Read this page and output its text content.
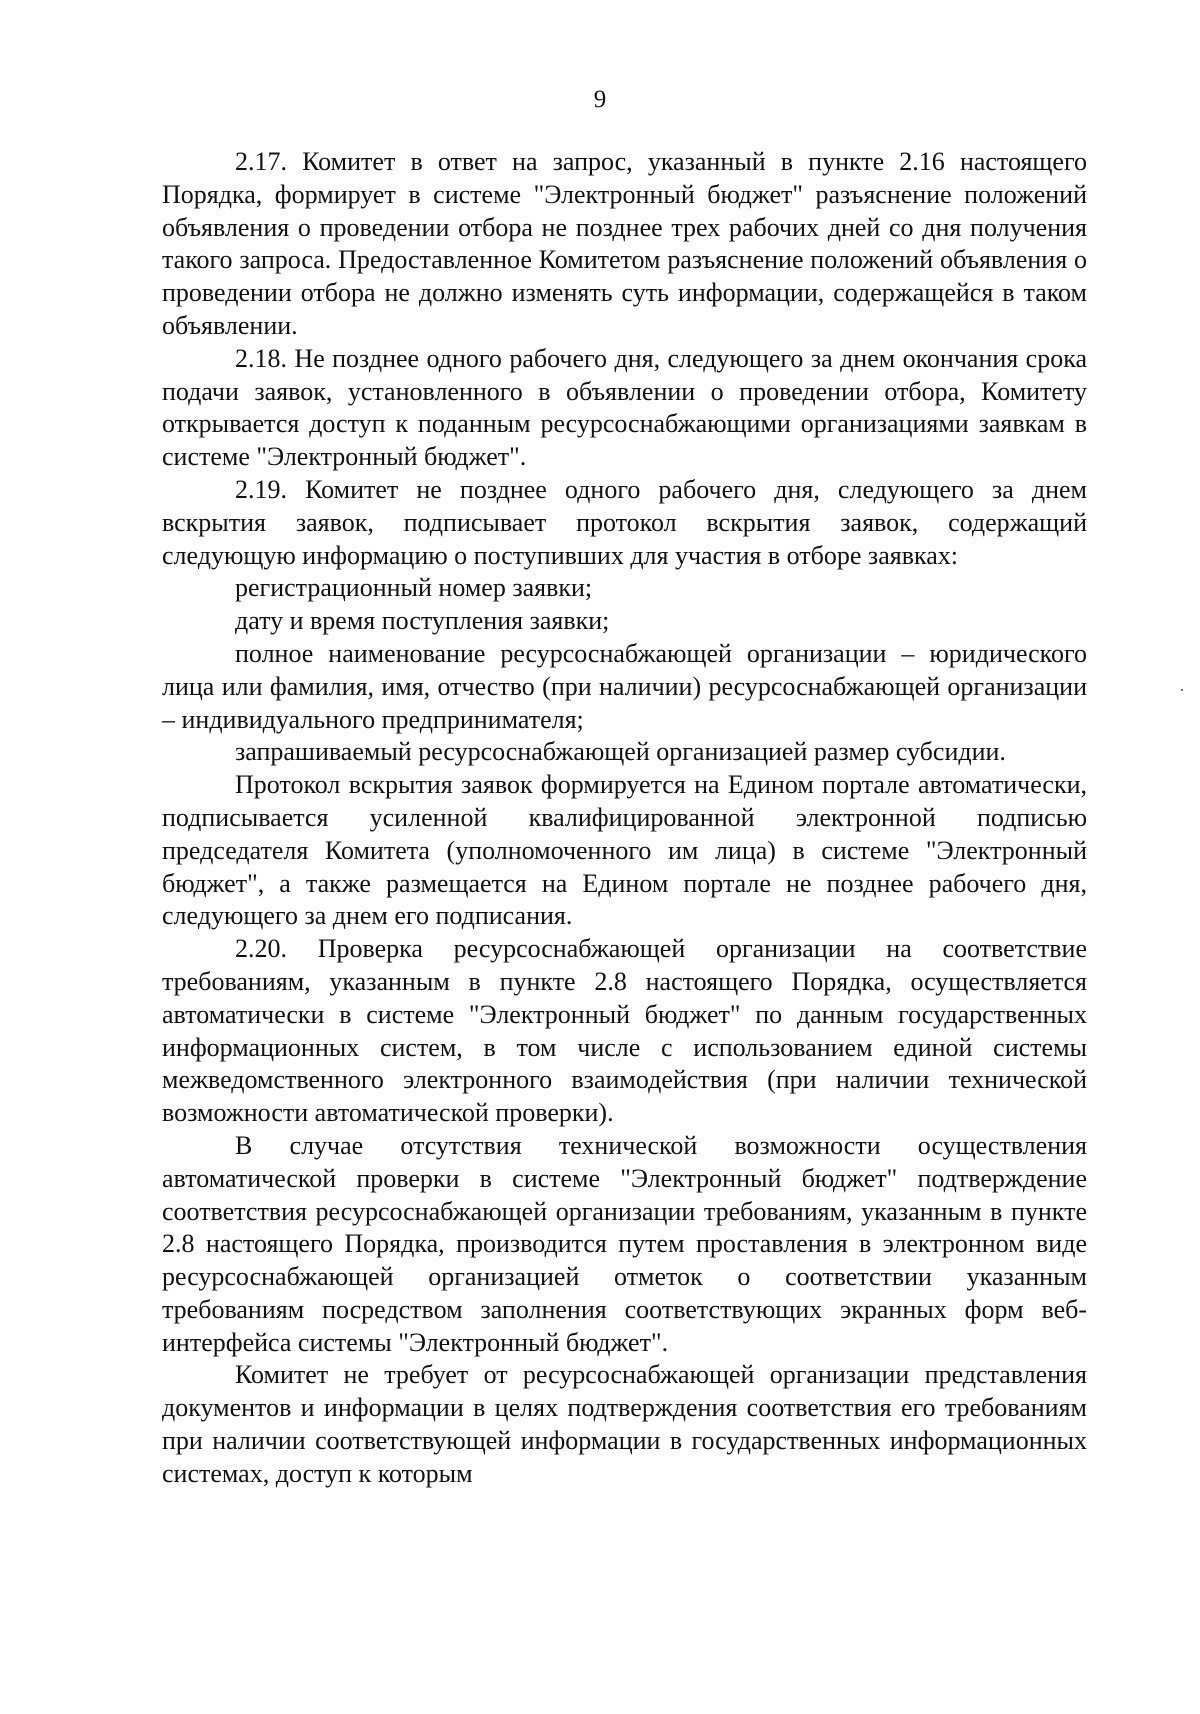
9

2.17. Комитет в ответ на запрос, указанный в пункте 2.16 настоящего Порядка, формирует в системе "Электронный бюджет" разъяснение положений объявления о проведении отбора не позднее трех рабочих дней со дня получения такого запроса. Предоставленное Комитетом разъяснение положений объявления о проведении отбора не должно изменять суть информации, содержащейся в таком объявлении.

2.18. Не позднее одного рабочего дня, следующего за днем окончания срока подачи заявок, установленного в объявлении о проведении отбора, Комитету открывается доступ к поданным ресурсоснабжающими организациями заявкам в системе "Электронный бюджет".

2.19. Комитет не позднее одного рабочего дня, следующего за днем вскрытия заявок, подписывает протокол вскрытия заявок, содержащий следующую информацию о поступивших для участия в отборе заявках:

регистрационный номер заявки;

дату и время поступления заявки;

полное наименование ресурсоснабжающей организации – юридического лица или фамилия, имя, отчество (при наличии) ресурсоснабжающей организации – индивидуального предпринимателя;

запрашиваемый ресурсоснабжающей организацией размер субсидии.

Протокол вскрытия заявок формируется на Едином портале автоматически, подписывается усиленной квалифицированной электронной подписью председателя Комитета (уполномоченного им лица) в системе "Электронный бюджет", а также размещается на Едином портале не позднее рабочего дня, следующего за днем его подписания.

2.20. Проверка ресурсоснабжающей организации на соответствие требованиям, указанным в пункте 2.8 настоящего Порядка, осуществляется автоматически в системе "Электронный бюджет" по данным государственных информационных систем, в том числе с использованием единой системы межведомственного электронного взаимодействия (при наличии технической возможности автоматической проверки).

В случае отсутствия технической возможности осуществления автоматической проверки в системе "Электронный бюджет" подтверждение соответствия ресурсоснабжающей организации требованиям, указанным в пункте 2.8 настоящего Порядка, производится путем проставления в электронном виде ресурсоснабжающей организацией отметок о соответствии указанным требованиям посредством заполнения соответствующих экранных форм веб-интерфейса системы "Электронный бюджет".

Комитет не требует от ресурсоснабжающей организации представления документов и информации в целях подтверждения соответствия его требованиям при наличии соответствующей информации в государственных информационных системах, доступ к которым
